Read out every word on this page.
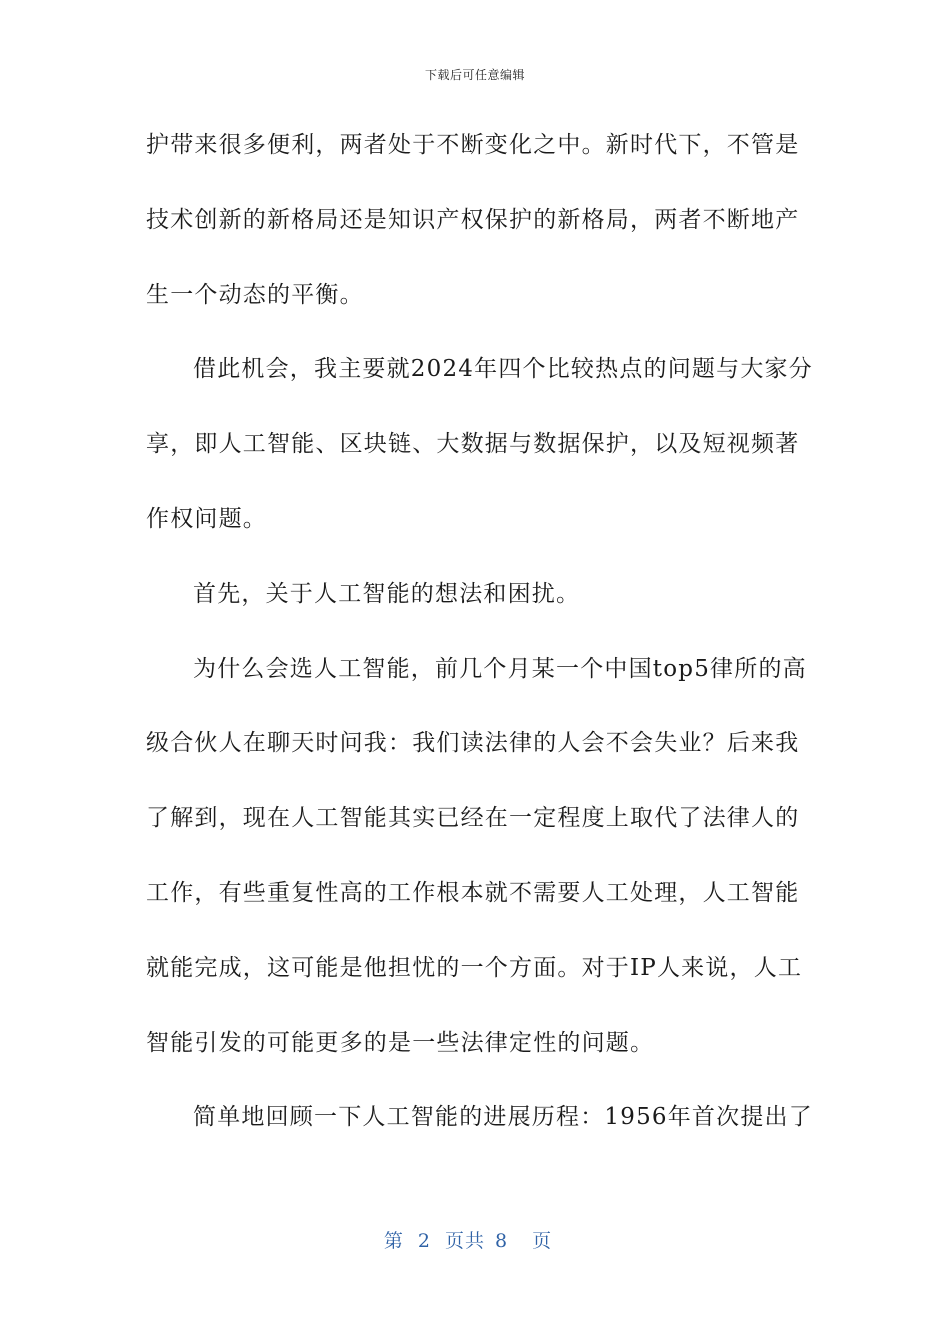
下载后可任意编辑
护带来很多便利，两者处于不断变化之中。新时代下，不管是
技术创新的新格局还是知识产权保护的新格局，两者不断地产
生一个动态的平衡。
借此机会，我主要就2024年四个比较热点的问题与大家分
享，即人工智能、区块链、大数据与数据保护，以及短视频著
作权问题。
首先，关于人工智能的想法和困扰。
为什么会选人工智能，前几个月某一个中国top5律所的高
级合伙人在聊天时问我：我们读法律的人会不会失业？后来我
了解到，现在人工智能其实已经在一定程度上取代了法律人的
工作，有些重复性高的工作根本就不需要人工处理，人工智能
就能完成，这可能是他担忧的一个方面。对于IP人来说，人工
智能引发的可能更多的是一些法律定性的问题。
简单地回顾一下人工智能的进展历程：1956年首次提出了
第 2 页共 8 页
